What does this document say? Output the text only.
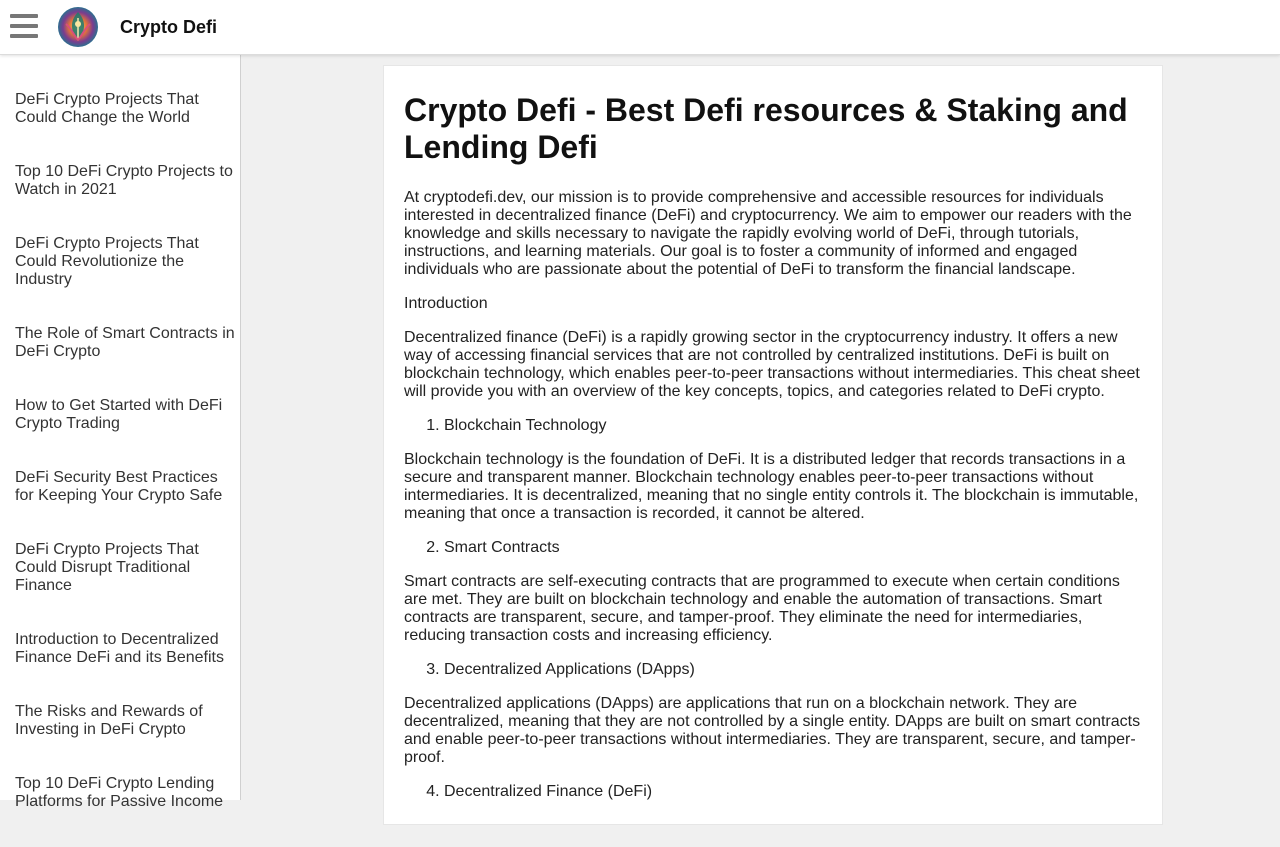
Crypto Defi
DeFi Crypto Projects That Could Change the World
Top 10 DeFi Crypto Projects to Watch in 2021
DeFi Crypto Projects That Could Revolutionize the Industry
The Role of Smart Contracts in DeFi Crypto
How to Get Started with DeFi Crypto Trading
DeFi Security Best Practices for Keeping Your Crypto Safe
DeFi Crypto Projects That Could Disrupt Traditional Finance
Introduction to Decentralized Finance DeFi and its Benefits
The Risks and Rewards of Investing in DeFi Crypto
Top 10 DeFi Crypto Lending Platforms for Passive Income
Crypto Defi - Best Defi resources & Staking and Lending Defi

At cryptodefi.dev, our mission is to provide comprehensive and accessible resources for individuals interested in decentralized finance (DeFi) and cryptocurrency. We aim to empower our readers with the knowledge and skills necessary to navigate the rapidly evolving world of DeFi, through tutorials, instructions, and learning materials. Our goal is to foster a community of informed and engaged individuals who are passionate about the potential of DeFi to transform the financial landscape.

Introduction

Decentralized finance (DeFi) is a rapidly growing sector in the cryptocurrency industry. It offers a new way of accessing financial services that are not controlled by centralized institutions. DeFi is built on blockchain technology, which enables peer-to-peer transactions without intermediaries. This cheat sheet will provide you with an overview of the key concepts, topics, and categories related to DeFi crypto.

1. Blockchain Technology

Blockchain technology is the foundation of DeFi. It is a distributed ledger that records transactions in a secure and transparent manner. Blockchain technology enables peer-to-peer transactions without intermediaries. It is decentralized, meaning that no single entity controls it. The blockchain is immutable, meaning that once a transaction is recorded, it cannot be altered.

2. Smart Contracts

Smart contracts are self-executing contracts that are programmed to execute when certain conditions are met. They are built on blockchain technology and enable the automation of transactions. Smart contracts are transparent, secure, and tamper-proof. They eliminate the need for intermediaries, reducing transaction costs and increasing efficiency.

3. Decentralized Applications (DApps)

Decentralized applications (DApps) are applications that run on a blockchain network. They are decentralized, meaning that they are not controlled by a single entity. DApps are built on smart contracts and enable peer-to-peer transactions without intermediaries. They are transparent, secure, and tamper-proof.

4. Decentralized Finance (DeFi)
